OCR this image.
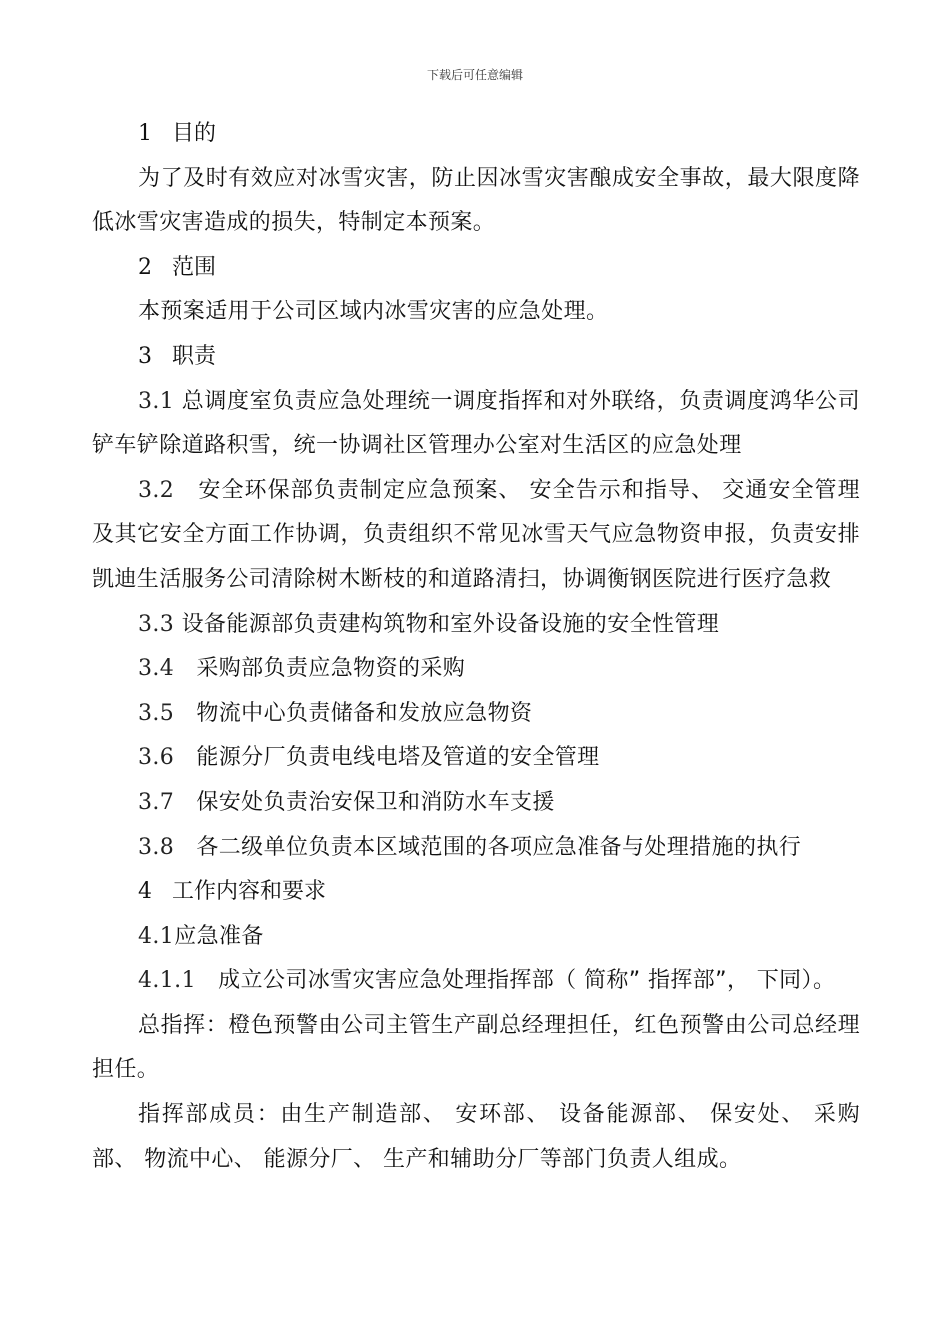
下载后可任意编辑
1 目的

为了及时有效应对冰雪灾害，防止因冰雪灾害酿成安全事故，最大限度降低冰雪灾害造成的损失，特制定本预案。

2 范围

本预案适用于公司区域内冰雪灾害的应急处理。

3 职责

3.1 总调度室负责应急处理统一调度指挥和对外联络，负责调度鸿华公司铲车铲除道路积雪，统一协调社区管理办公室对生活区的应急处理

3.2 安全环保部负责制定应急预案、 安全告示和指导、 交通安全管理及其它安全方面工作协调，负责组织不常见冰雪天气应急物资申报，负责安排凯迪生活服务公司清除树木断枝的和道路清扫，协调衡钢医院进行医疗急救

3.3 设备能源部负责建构筑物和室外设备设施的安全性管理

3.4 采购部负责应急物资的采购

3.5 物流中心负责储备和发放应急物资

3.6 能源分厂负责电线电塔及管道的安全管理

3.7 保安处负责治安保卫和消防水车支援

3.8 各二级单位负责本区域范围的各项应急准备与处理措施的执行

4 工作内容和要求

4.1应急准备

4.1.1 成立公司冰雪灾害应急处理指挥部（ 简称” 指挥部”， 下同）。

总指挥：橙色预警由公司主管生产副总经理担任，红色预警由公司总经理担任。

指挥部成员：由生产制造部、 安环部、 设备能源部、 保安处、 采购部、 物流中心、 能源分厂、 生产和辅助分厂等部门负责人组成。
